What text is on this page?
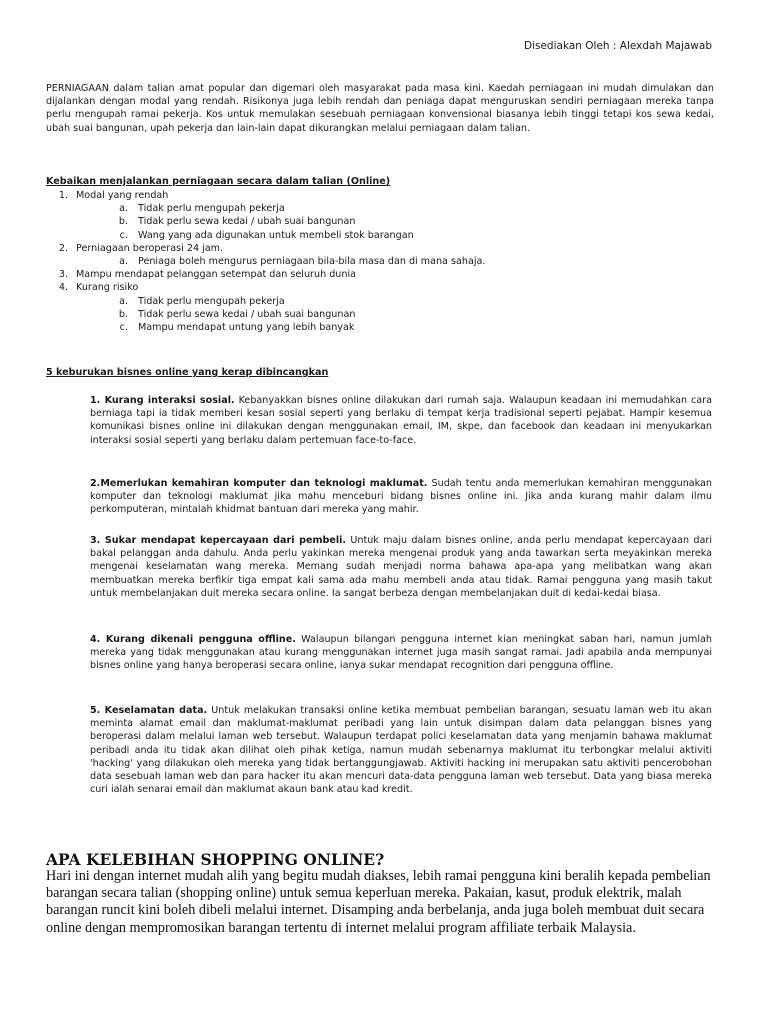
Disediakan Oleh : Alexdah Majawab
PERNIAGAAN dalam talian amat popular dan digemari oleh masyarakat pada masa kini. Kaedah perniagaan ini mudah dimulakan dan dijalankan dengan modal yang rendah. Risikonya juga lebih rendah dan peniaga dapat menguruskan sendiri perniagaan mereka tanpa perlu mengupah ramai pekerja. Kos untuk memulakan sesebuah perniagaan konvensional biasanya lebih tinggi tetapi kos sewa kedai, ubah suai bangunan, upah pekerja dan lain-lain dapat dikurangkan melalui perniagaan dalam talian.
Kebaikan menjalankan perniagaan secara dalam talian (Online)
1. Modal yang rendah
a.	Tidak perlu mengupah pekerja
b.	Tidak perlu sewa kedai / ubah suai bangunan
c.	Wang yang ada digunakan untuk membeli stok barangan
2. Perniagaan beroperasi 24 jam.
a.	Peniaga boleh mengurus perniagaan bila-bila masa dan di mana sahaja.
3. Mampu mendapat pelanggan setempat dan seluruh dunia
4. Kurang risiko
a.	Tidak perlu mengupah pekerja
b.	Tidak perlu sewa kedai / ubah suai bangunan
c.	Mampu mendapat untung yang lebih banyak
5 keburukan bisnes online yang kerap dibincangkan
1. Kurang interaksi sosial. Kebanyakkan bisnes online dilakukan dari rumah saja. Walaupun keadaan ini memudahkan cara berniaga tapi ia tidak memberi kesan sosial seperti yang berlaku di tempat kerja tradisional seperti pejabat. Hampir kesemua komunikasi bisnes online ini dilakukan dengan menggunakan email, IM, skpe, dan facebook dan keadaan ini menyukarkan interaksi sosial seperti yang berlaku dalam pertemuan face-to-face.
2.Memerlukan kemahiran komputer dan teknologi maklumat. Sudah tentu anda memerlukan kemahiran menggunakan komputer dan teknologi maklumat jika mahu menceburi bidang bisnes online ini. Jika anda kurang mahir dalam ilmu perkomputeran, mintalah khidmat bantuan dari mereka yang mahir.
3. Sukar mendapat kepercayaan dari pembeli. Untuk maju dalam bisnes online, anda perlu mendapat kepercayaan dari bakal pelanggan anda dahulu. Anda perlu yakinkan mereka mengenai produk yang anda tawarkan serta meyakinkan mereka mengenai keselamatan wang mereka. Memang sudah menjadi norma bahawa apa-apa yang melibatkan wang akan membuatkan mereka berfikir tiga empat kali sama ada mahu membeli anda atau tidak. Ramai pengguna yang masih takut untuk membelanjakan duit mereka secara online. Ia sangat berbeza dengan membelanjakan duit di kedai-kedai biasa.
4. Kurang dikenali pengguna offline. Walaupun bilangan pengguna internet kian meningkat saban hari, namun jumlah mereka yang tidak menggunakan atau kurang menggunakan internet juga masih sangat ramai. Jadi apabila anda mempunyai bisnes online yang hanya beroperasi secara online, ianya sukar mendapat recognition dari pengguna offline.
5. Keselamatan data. Untuk melakukan transaksi online ketika membuat pembelian barangan, sesuatu laman web itu akan meminta alamat email dan maklumat-maklumat peribadi yang lain untuk disimpan dalam data pelanggan bisnes yang beroperasi dalam melalui laman web tersebut. Walaupun terdapat polici keselamatan data yang menjamin bahawa maklumat peribadi anda itu tidak akan dilihat oleh pihak ketiga, namun mudah sebenarnya maklumat itu terbongkar melalui aktiviti 'hacking' yang dilakukan oleh mereka yang tidak bertanggungjawab. Aktiviti hacking ini merupakan satu aktiviti pencerobohan data sesebuah laman web dan para hacker itu akan mencuri data-data pengguna laman web tersebut. Data yang biasa mereka curi ialah senarai email dan maklumat akaun bank atau kad kredit.
APA KELEBIHAN SHOPPING ONLINE?
Hari ini dengan internet mudah alih yang begitu mudah diakses, lebih ramai pengguna kini beralih kepada pembelian barangan secara talian (shopping online) untuk semua keperluan mereka. Pakaian, kasut, produk elektrik, malah barangan runcit kini boleh dibeli melalui internet. Disamping anda berbelanja, anda juga boleh membuat duit secara online dengan mempromosikan barangan tertentu di internet melalui program affiliate terbaik Malaysia.
